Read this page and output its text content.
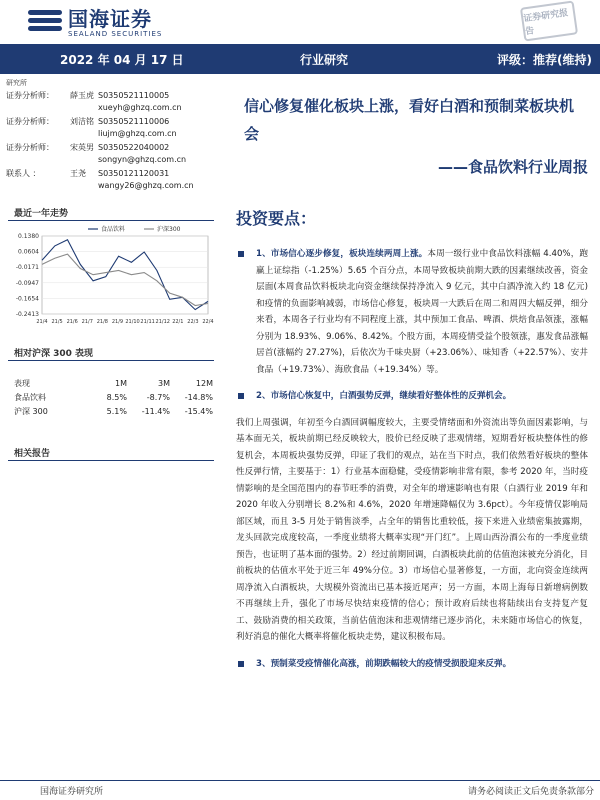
国海证券
SEALAND SECURITIES
证券研究报告
2022 年 04 月 17 日	行业研究	评级：推荐(维持)
研究所
证券分析师：	薛玉虎 S0350521110005
xueyh@ghzq.com.cn
证券分析师：	刘洁铭 S0350521110006
liujm@ghzq.com.cn
证券分析师：	宋英男 S0350522040002
songyn@ghzq.com.cn
联系人 ：	王尧	S0350121120031
wangy26@ghzq.com.cn
最近一年走势
0.1380
0.0604
-0.0171
-0.0947
-0.1654
-0.2413
21/4 21/5 21/6 21/7 21/8 21/9 21/10 21/11 21/12 22/1 22/3 22/4
食品饮料	沪深300
相对沪深 300 表现
表现	1M	3M	12M
食品饮料	8.5%	-8.7%	-14.8%
沪深 300	5.1%	-11.4%	-15.4%
相关报告
信心修复催化板块上涨，看好白酒和预制菜板块机会
——食品饮料行业周报
投资要点：
1、市场信心逐步修复，板块连续两周上涨。本周一级行业中食品饮料涨幅 4.40%，跑赢上证综指（-1.25%）5.65 个百分点，本周导致板块前期大跌的因素继续改善，资金层面(本周食品饮料板块北向资金继续保持净流入 9 亿元，其中白酒净流入约 18 亿元)和疫情的负面影响减弱，市场信心修复，板块周一大跌后在周二和周四大幅反弹，细分来看，本周各子行业均有不同程度上涨，其中预加工食品、啤酒、烘焙食品领涨，涨幅分别为 18.93%、9.06%、8.42%。个股方面，本周疫情受益个股领涨，惠发食品涨幅居首(涨幅约 27.27%)，后依次为千味央厨（+23.06%）、味知香（+22.57%）、安井食品（+19.73%）、海欣食品（+19.34%）等。
2、市场信心恢复中，白酒强势反弹，继续看好整体性的反弹机会。
我们上周强调，年初至今白酒回调幅度较大，主要受情绪面和外资流出等负面因素影响，与基本面无关，板块前期已经反映较大，股价已经反映了悲观情绪，短期看好板块整体性的修复机会，本周板块强势反弹，印证了我们的观点，站在当下时点，我们依然看好板块的整体性反弹行情，主要基于：1）行业基本面稳健，受疫情影响非常有限，参考 2020 年，当时疫情影响的是全国范围内的春节旺季的消费，对全年的增速影响也有限（白酒行业 2019 年和 2020 年收入分别增长 8.2%和 4.6%，2020 年增速降幅仅为 3.6pct）。今年疫情仅影响局部区域，而且 3-5 月处于销售淡季，占全年的销售比重较低，接下来进入业绩密集披露期，龙头回款完成度较高，一季度业绩将大概率实现“开门红”。上周山西汾酒公布的一季度业绩预告，也证明了基本面的强势。2）经过前期回调，白酒板块此前的估值泡沫被充分消化，目前板块的估值水平处于近三年 49%分位。3）市场信心显著修复，一方面，北向资金连续两周净流入白酒板块，大规模外资流出已基本接近尾声；另一方面，本周上海每日新增病例数不再继续上升，强化了市场尽快结束疫情的信心；预计政府后续也将陆续出台支持复产复工、鼓励消费的相关政策，当前估值泡沫和悲观情绪已逐步消化，未来随市场信心的恢复，利好消息的催化大概率将催化板块走势，建议积极布局。
3、预制菜受疫情催化高涨，前期跌幅较大的疫情受损股迎来反弹。
国海证券研究所	请务必阅读正文后免责条款部分
